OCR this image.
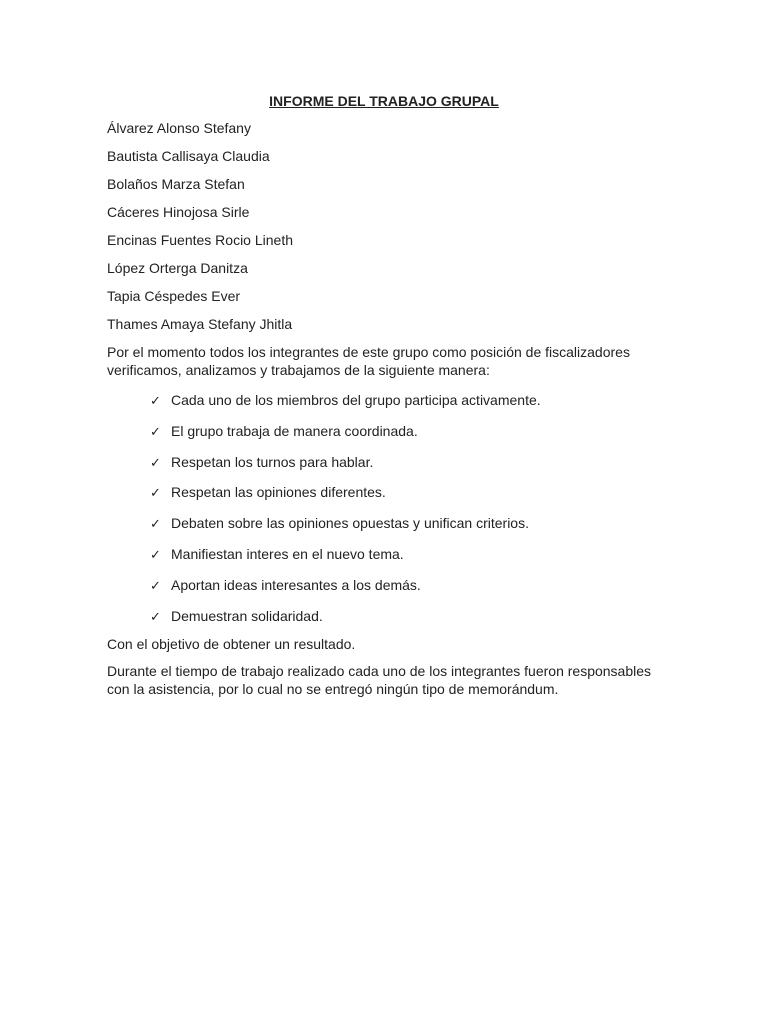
INFORME DEL TRABAJO GRUPAL
Álvarez Alonso Stefany
Bautista Callisaya Claudia
Bolaños Marza Stefan
Cáceres Hinojosa Sirle
Encinas Fuentes Rocio Lineth
López Orterga Danitza
Tapia Céspedes Ever
Thames Amaya Stefany Jhitla

Por el momento todos los integrantes de este grupo como posición de fiscalizadores
verificamos, analizamos y trabajamos de la siguiente manera:

✓ Cada uno de los miembros del grupo participa activamente.
✓ El grupo trabaja de manera coordinada.
✓ Respetan los turnos para hablar.
✓ Respetan las opiniones diferentes.
✓ Debaten sobre las opiniones opuestas y unifican criterios.
✓ Manifiestan interes en el nuevo tema.
✓ Aportan ideas interesantes a los demás.
✓ Demuestran solidaridad.

Con el objetivo de obtener un resultado.

Durante el tiempo de trabajo realizado cada uno de los integrantes fueron responsables
con la asistencia, por lo cual no se entregó ningún tipo de memorándum.
